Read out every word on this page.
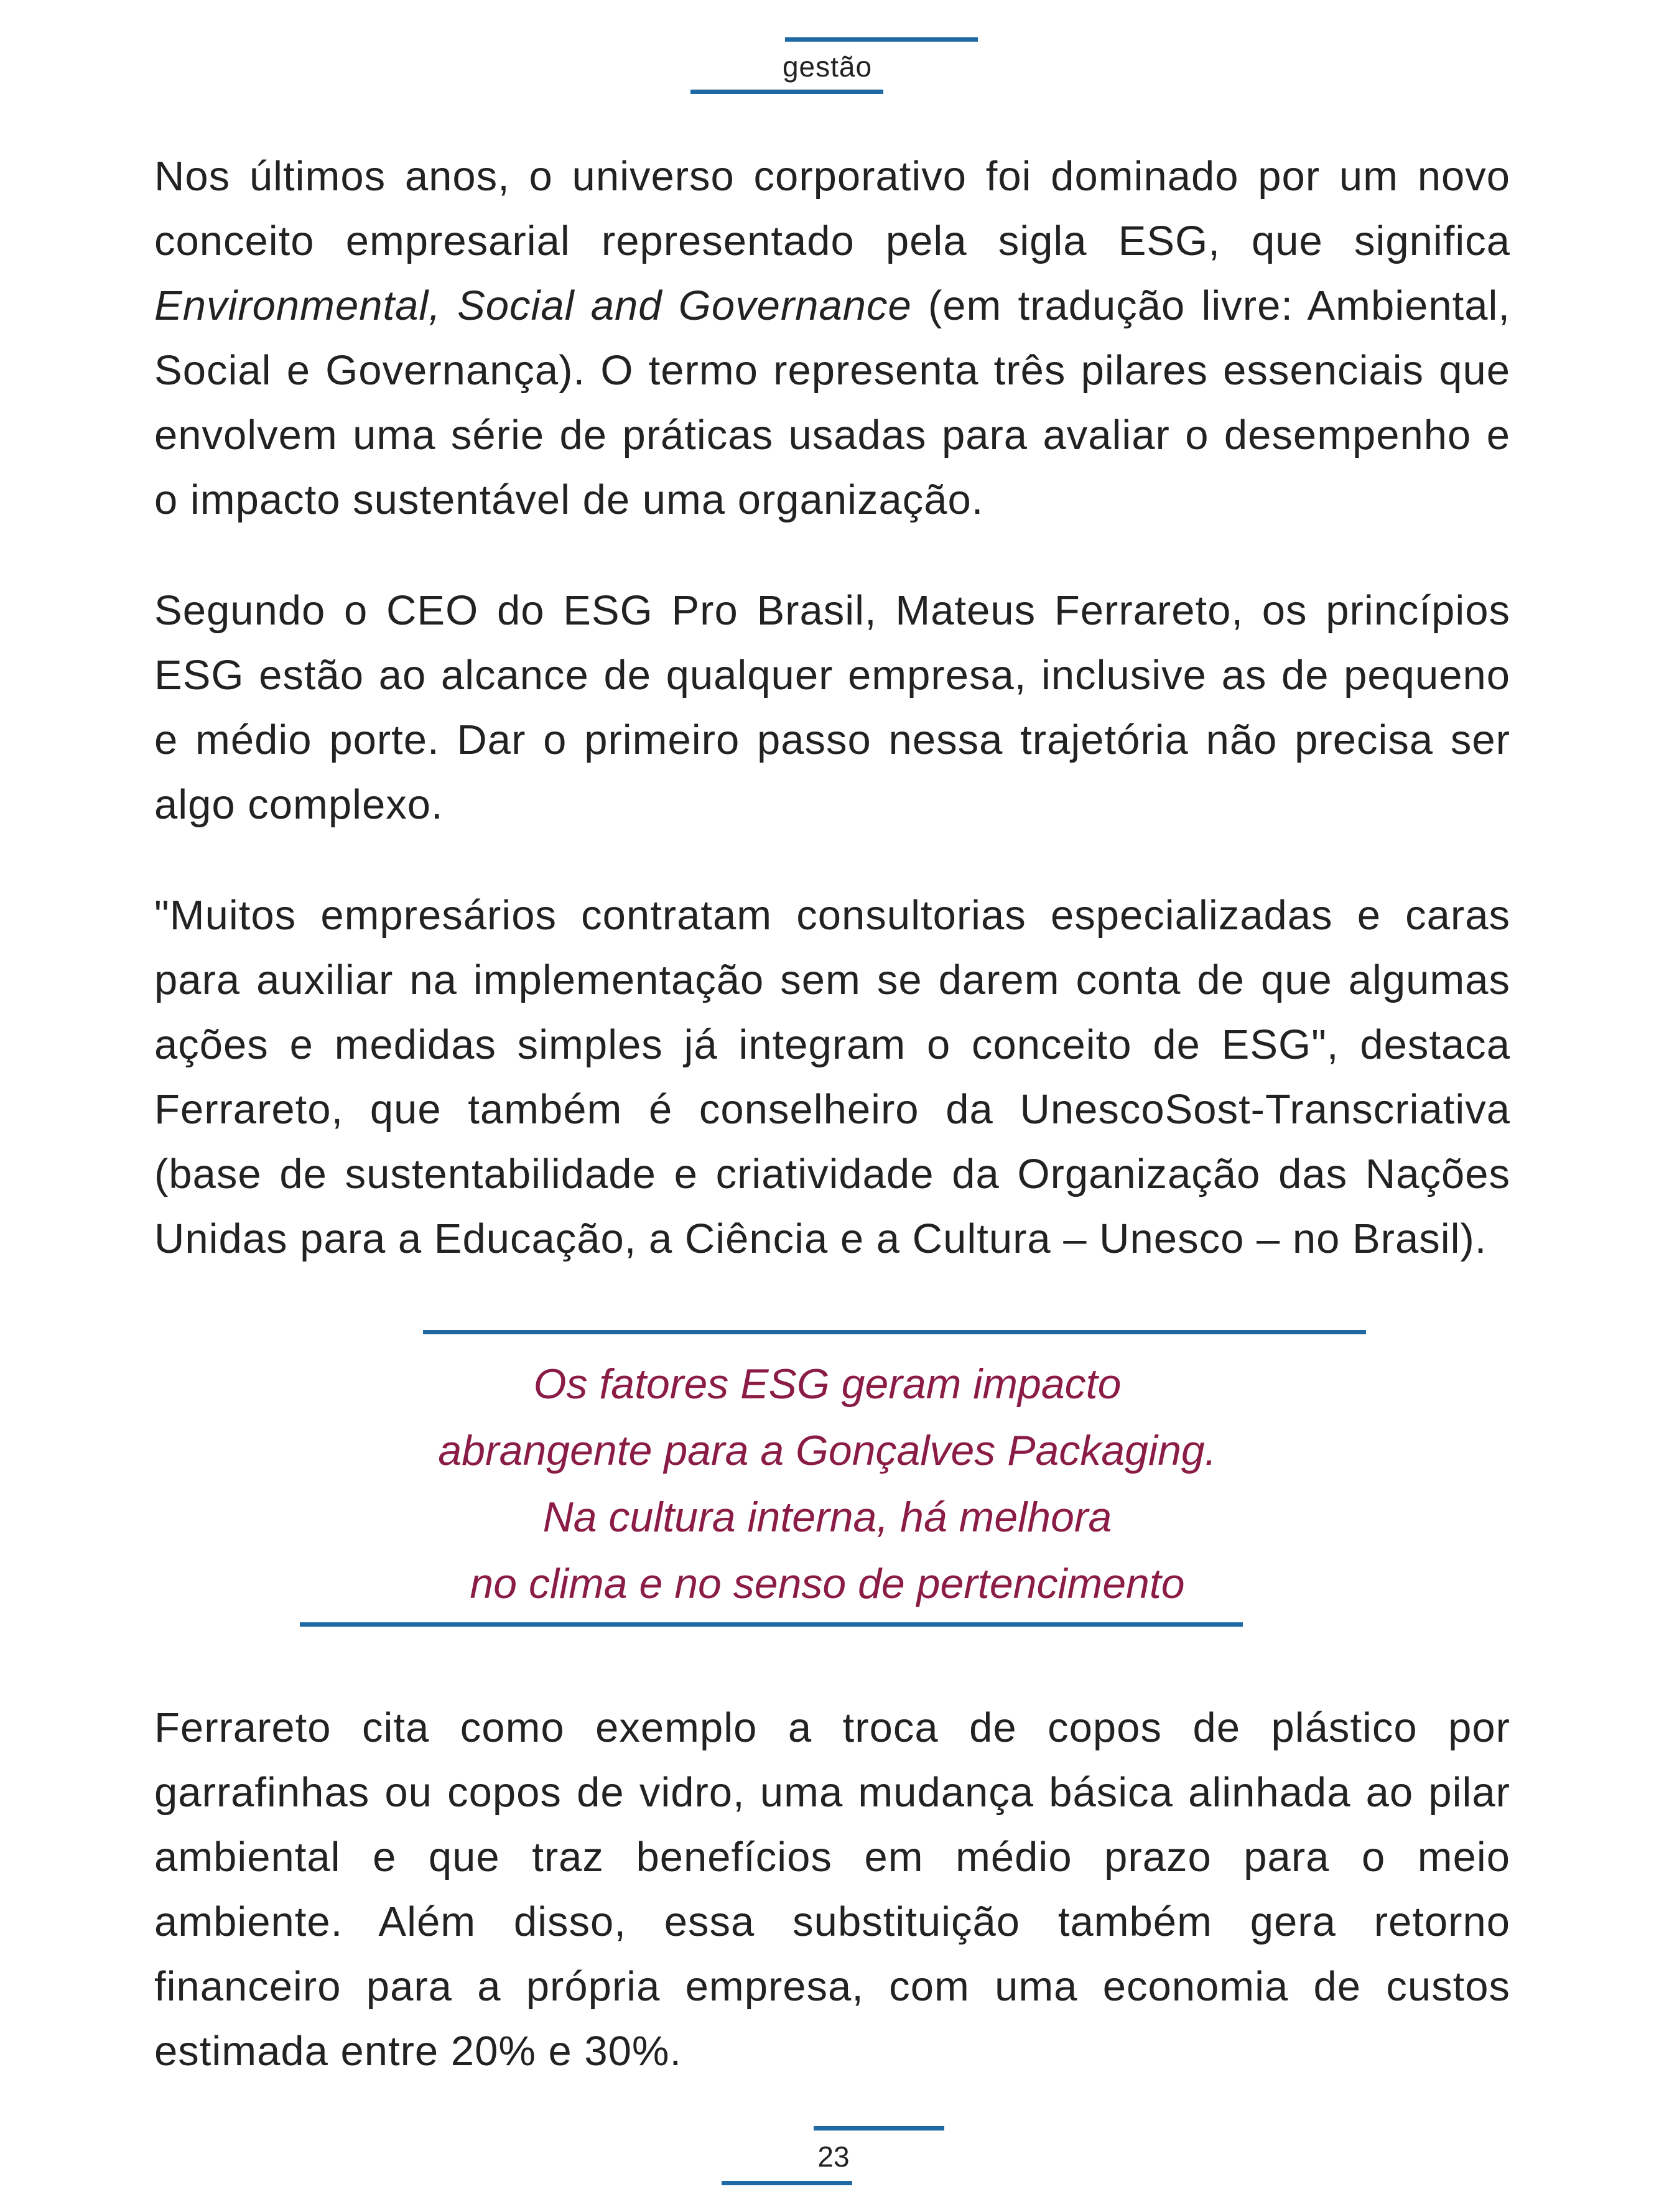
gestão

Nos últimos anos, o universo corporativo foi dominado por um novo conceito empresarial representado pela sigla ESG, que significa Environmental, Social and Governance (em tradução livre: Ambiental, Social e Governança). O termo representa três pilares essenciais que envolvem uma série de práticas usadas para avaliar o desempenho e o impacto sustentável de uma organização.

Segundo o CEO do ESG Pro Brasil, Mateus Ferrareto, os princípios ESG estão ao alcance de qualquer empresa, inclusive as de pequeno e médio porte. Dar o primeiro passo nessa trajetória não precisa ser algo complexo.

"Muitos empresários contratam consultorias especializadas e caras para auxiliar na implementação sem se darem conta de que algumas ações e medidas simples já integram o conceito de ESG", destaca Ferrareto, que também é conselheiro da UnescoSost-Transcriativa (base de sustentabilidade e criatividade da Organização das Nações Unidas para a Educação, a Ciência e a Cultura – Unesco – no Brasil).

Os fatores ESG geram impacto
abrangente para a Gonçalves Packaging.
Na cultura interna, há melhora
no clima e no senso de pertencimento

Ferrareto cita como exemplo a troca de copos de plástico por garrafinhas ou copos de vidro, uma mudança básica alinhada ao pilar ambiental e que traz benefícios em médio prazo para o meio ambiente. Além disso, essa substituição também gera retorno financeiro para a própria empresa, com uma economia de custos estimada entre 20% e 30%.

23
